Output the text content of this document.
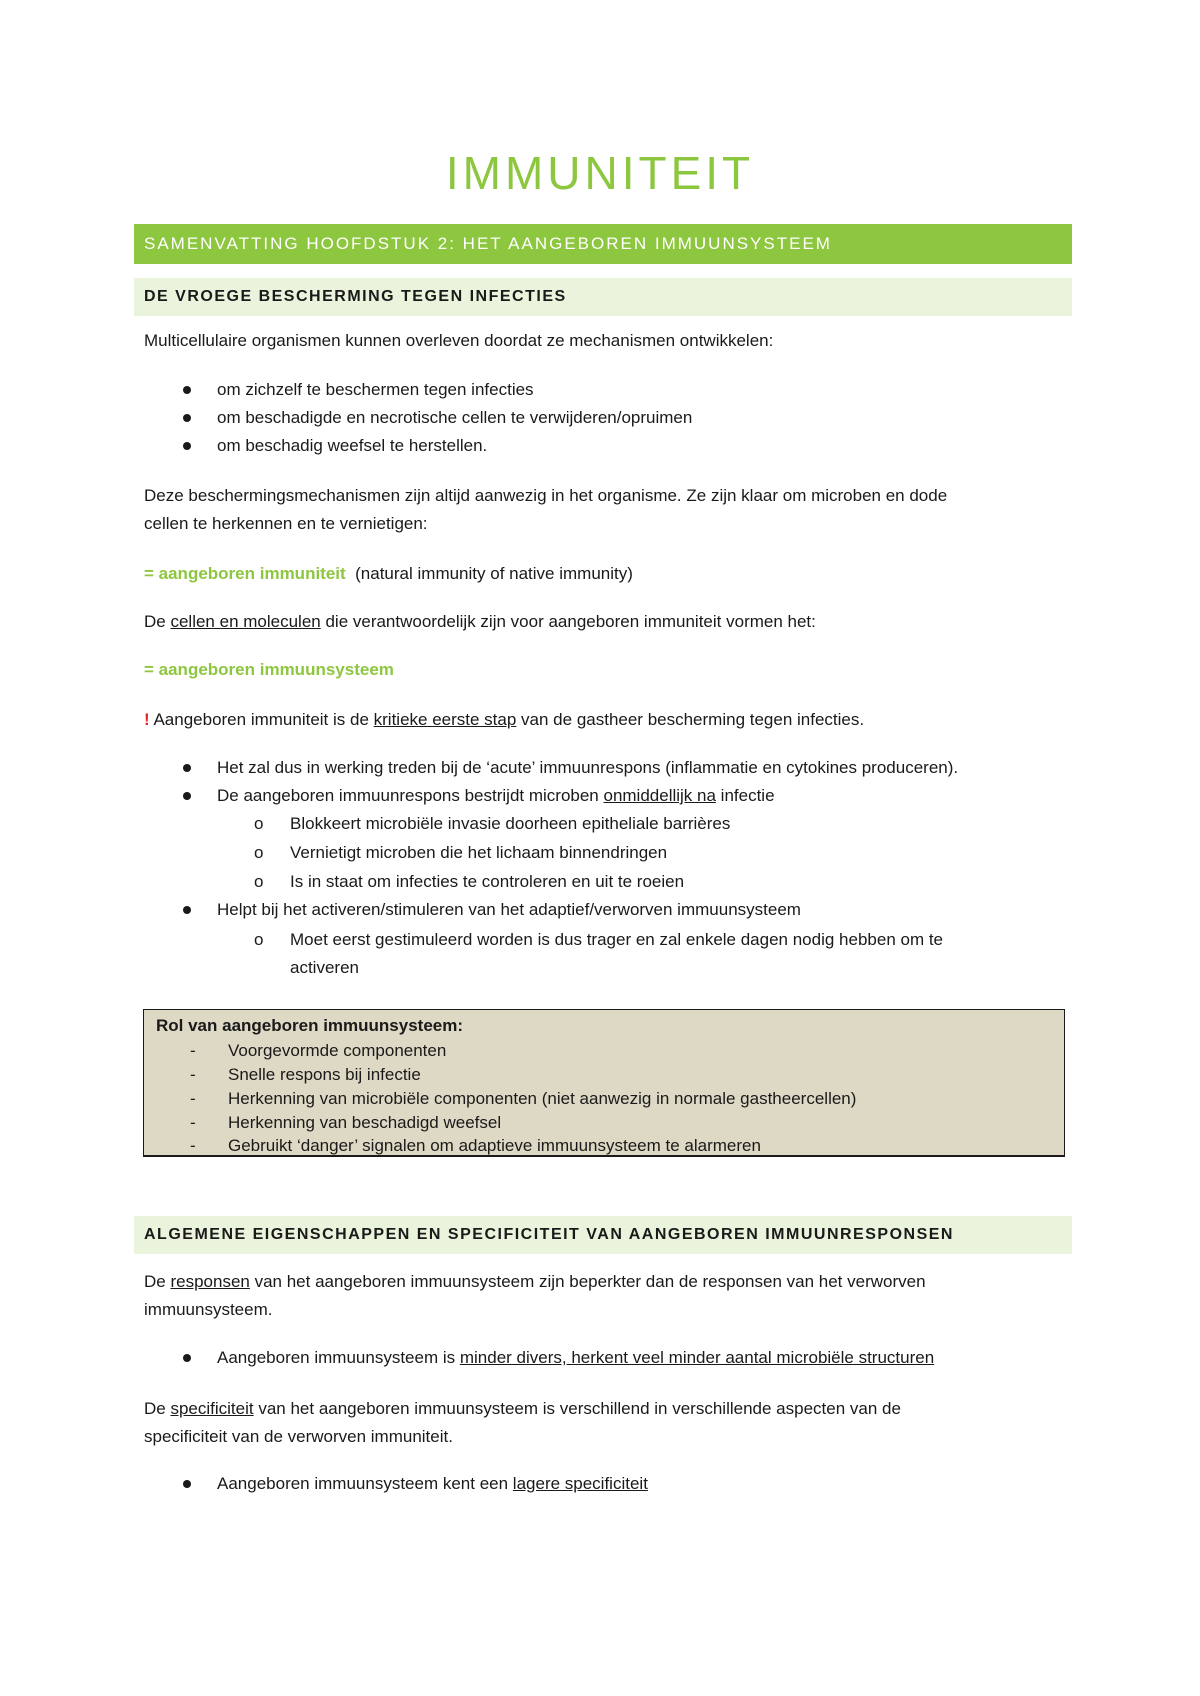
IMMUNITEIT
SAMENVATTING HOOFDSTUK 2: HET AANGEBOREN IMMUUNSYSTEEM
DE VROEGE BESCHERMING TEGEN INFECTIES
Multicellulaire organismen kunnen overleven doordat ze mechanismen ontwikkelen:
om zichzelf te beschermen tegen infecties
om beschadigde en necrotische cellen te verwijderen/opruimen
om beschadig weefsel te herstellen.
Deze beschermingsmechanismen zijn altijd aanwezig in het organisme. Ze zijn klaar om microben en dode
cellen te herkennen en te vernietigen:
= aangeboren immuniteit (natural immunity of native immunity)
De cellen en moleculen die verantwoordelijk zijn voor aangeboren immuniteit vormen het:
= aangeboren immuunsysteem
! Aangeboren immuniteit is de kritieke eerste stap van de gastheer bescherming tegen infecties.
Het zal dus in werking treden bij de ‘acute’ immuunrespons (inflammatie en cytokines produceren).
De aangeboren immuunrespons bestrijdt microben onmiddellijk na infectie
o Blokkeert microbiële invasie doorheen epitheliale barrières
o Vernietigt microben die het lichaam binnendringen
o Is in staat om infecties te controleren en uit te roeien
Helpt bij het activeren/stimuleren van het adaptief/verworven immuunsysteem
o Moet eerst gestimuleerd worden is dus trager en zal enkele dagen nodig hebben om te
activeren
Rol van aangeboren immuunsysteem:
- Voorgevormde componenten
- Snelle respons bij infectie
- Herkenning van microbiële componenten (niet aanwezig in normale gastheercellen)
- Herkenning van beschadigd weefsel
- Gebruikt ‘danger’ signalen om adaptieve immuunsysteem te alarmeren
ALGEMENE EIGENSCHAPPEN EN SPECIFICITEIT VAN AANGEBOREN IMMUUNRESPONSEN
De responsen van het aangeboren immuunsysteem zijn beperkter dan de responsen van het verworven
immuunsysteem.
Aangeboren immuunsysteem is minder divers, herkent veel minder aantal microbiële structuren
De specificiteit van het aangeboren immuunsysteem is verschillend in verschillende aspecten van de
specificiteit van de verworven immuniteit.
Aangeboren immuunsysteem kent een lagere specificiteit
